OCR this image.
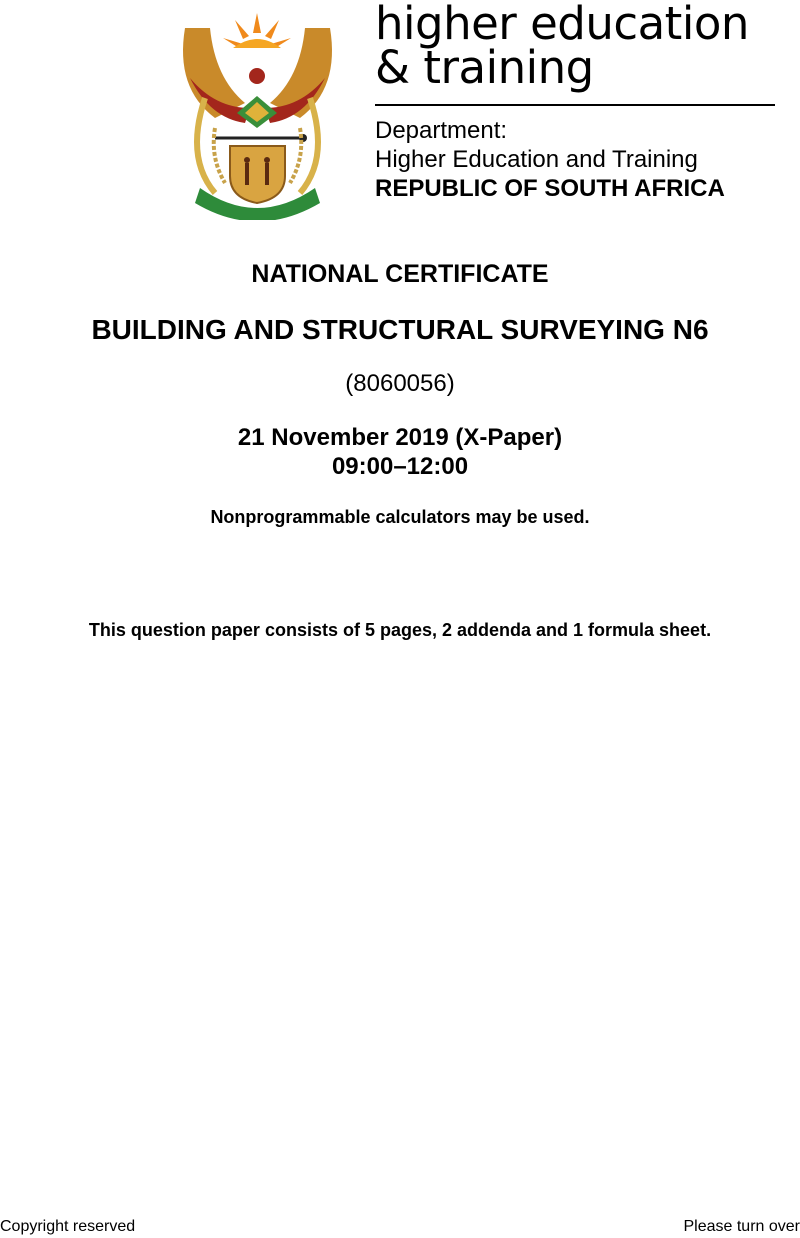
higher education
& training
Department:
Higher Education and Training
REPUBLIC OF SOUTH AFRICA
NATIONAL CERTIFICATE
BUILDING AND STRUCTURAL SURVEYING N6
(8060056)
21 November 2019 (X-Paper)
09:00–12:00
Nonprogrammable calculators may be used.
This question paper consists of 5 pages, 2 addenda and 1 formula sheet.
Copyright reserved	Please turn over
